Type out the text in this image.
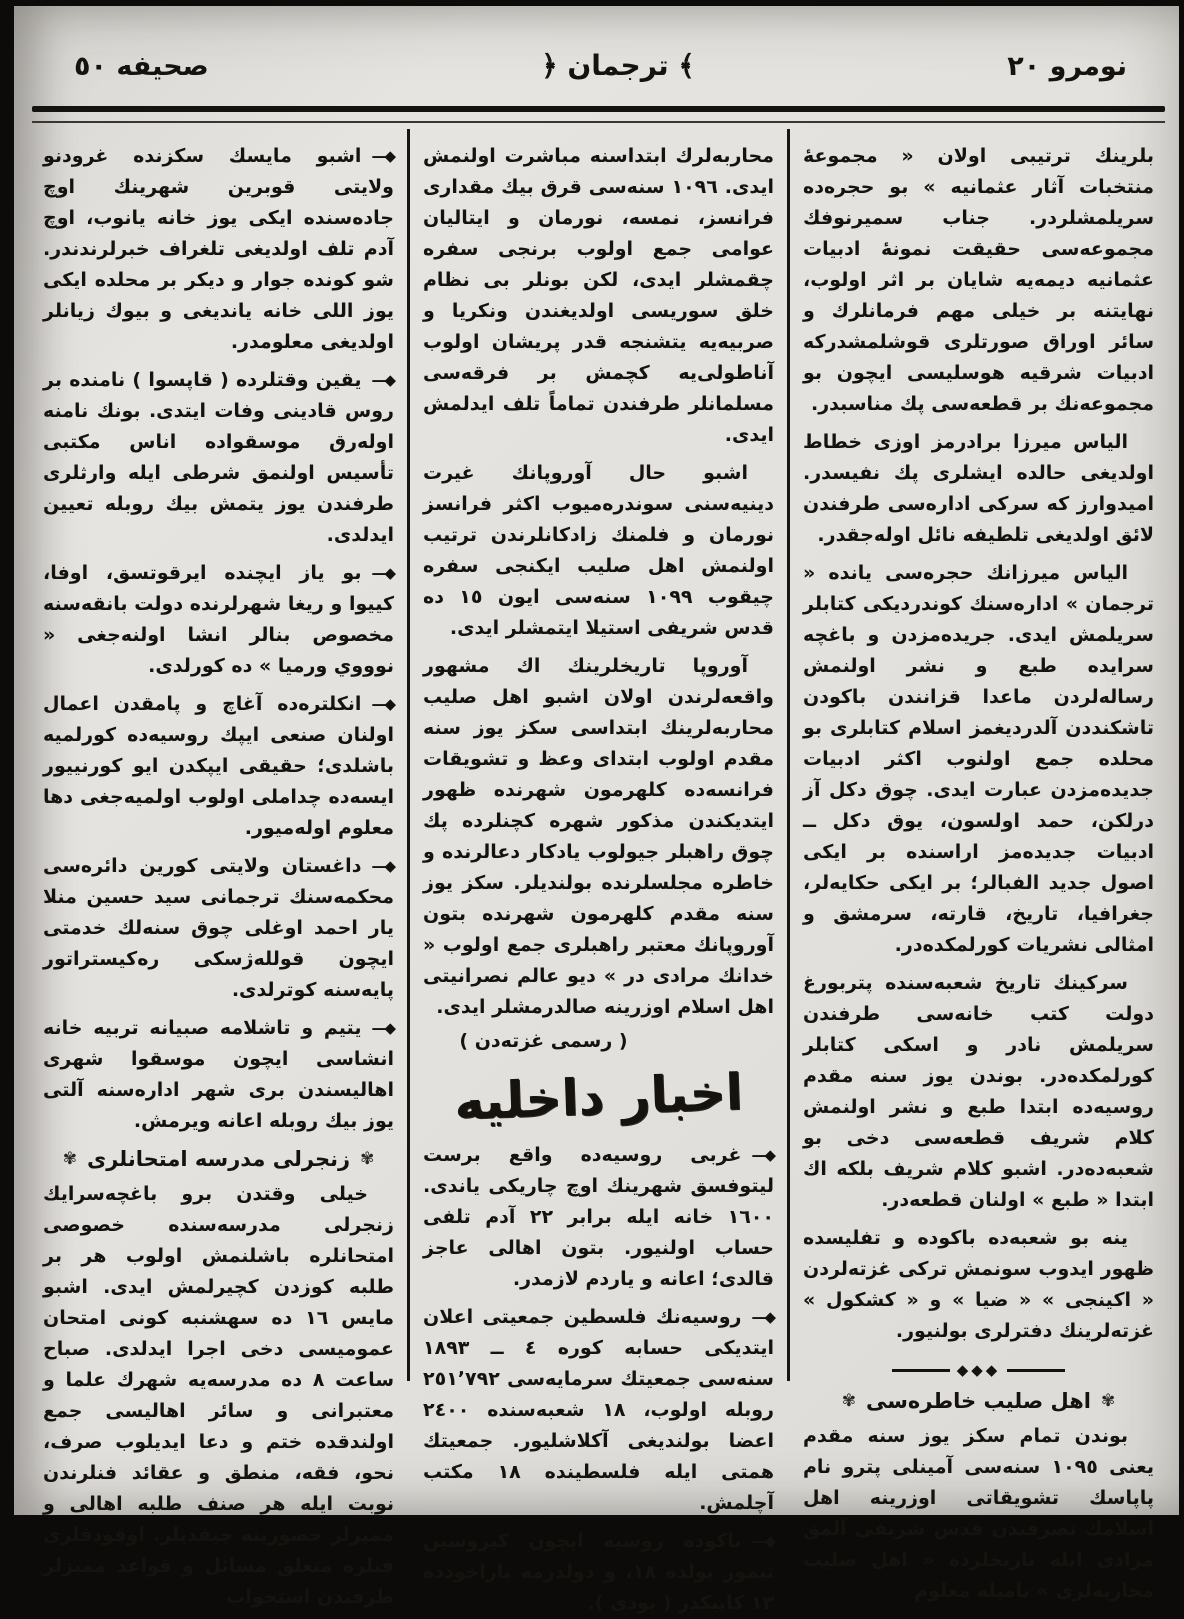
نومرو ٢٠
﴾ ترجمان ﴿
صحيفه ٥٠

بلرينك ترتيبى اولان « مجموعهٔ منتخبات آثار عثمانيه » بو حجره‌ده سريلمشلردر. جناب سميرنوفك مجموعه‌سى حقيقت نمونهٔ ادبيات عثمانيه ديمه‌يه شايان بر اثر اولوب، نهايتنه بر خيلى مهم فرمانلرك و سائر اوراق صورتلرى قوشلمشدركه ادبيات شرقيه هوسليسى ايچون بو مجموعه‌نك بر قطعه‌سى پك مناسبدر.

الياس ميرزا برادرمز اوزى خطاط اولديغى حالده ايشلرى پك نفيسدر. اميدوارز كه سركى اداره‌سى طرفندن لائق اولديغى تلطيفه نائل اوله‌جقدر.

الياس ميرزانك حجره‌سى يانده « ترجمان » اداره‌سنك كوندرديكى كتابلر سريلمش ايدى. جريده‌مزدن و باغچه سرايده طبع و نشر اولنمش رساله‌لردن ماعدا قزانندن باكودن تاشكنددن آلدرديغمز اسلام كتابلرى بو محلده جمع اولنوب اكثر ادبيات جديده‌مزدن عبارت ايدى. چوق دكل آز درلكن، حمد اولسون، يوق دكل ــ ادبيات جديده‌مز اراسنده بر ايكى اصول جديد الفبالر؛ بر ايكى حكايه‌لر، جغرافيا، تاريخ، قارته، سرمشق و امثالى نشريات كورلمكده‌در.

سركينك تاريخ شعبه‌سنده پتربورغ دولت كتب خانه‌سى طرفندن سريلمش نادر و اسكى كتابلر كورلمكده‌در. بوندن يوز سنه مقدم روسيه‌ده ابتدا طبع و نشر اولنمش كلام شريف قطعه‌سى دخى بو شعبه‌ده‌در. اشبو كلام شريف بلكه اك ابتدا « طبع » اولنان قطعه‌در.

ينه بو شعبه‌ده باكوده و تفليسده ظهور ايدوب سونمش تركى غزته‌لردن « اكينجى » « ضيا » و « كشكول » غزته‌لرينك دفترلرى بولنيور.

◆◆◆
✾
اهل صليب خاطره‌سى
✾

بوندن تمام سكز يوز سنه مقدم يعنى ١٠٩٥ سنه‌سى آمينلى پترو نام پاپاسك تشويقاتى اوزرينه اهل اسلامك تصرفندن قدس شريفى آلمق مرادى ايله تاريخلرده « اهل صليب محاربه‌لرى » ناميله معلوم

محاربه‌لرك ابتداسنه مباشرت اولنمش ايدى. ١٠٩٦ سنه‌سى قرق بيك مقدارى فرانسز، نمسه، نورمان و ايتاليان عوامى جمع اولوب برنجى سفره چقمشلر ايدى، لكن بونلر بى نظام خلق سوريسى اولديغندن ونكريا و صربيه‌يه يتشنجه قدر پريشان اولوب آناطولى‌يه كچمش بر فرقه‌سى مسلمانلر طرفندن تماماً تلف ايدلمش ايدى.

اشبو حال آوروپانك غيرت دينيه‌سنى سوندره‌ميوب اكثر فرانسز نورمان و فلمنك زادكانلرندن ترتيب اولنمش اهل صليب ايكنجى سفره چيقوب ١٠٩٩ سنه‌سى ايون ١٥ ده قدس شريفى استيلا ايتمشلر ايدى.

آوروپا تاريخلرينك اك مشهور واقعه‌لرندن اولان اشبو اهل صليب محاربه‌لرينك ابتداسى سكز يوز سنه مقدم اولوب ابتداى وعظ و تشويقات فرانسه‌ده كلهرمون شهرنده ظهور ايتديكندن مذكور شهره كچنلرده پك چوق راهبلر جيولوب يادكار دعالرنده و خاطره مجلسلرنده بولنديلر. سكز يوز سنه مقدم كلهرمون شهرنده بتون آوروپانك معتبر راهبلرى جمع اولوب « خدانك مرادى در » ديو عالم نصرانيتى اهل اسلام اوزرينه صالدرمشلر ايدى.

( رسمى غزته‌دن )
اخبار داخليه

—◆غربى روسيه‌ده واقع برست ليتوفسق شهرينك اوچ چاريكى ياندى. ١٦٠٠ خانه ايله برابر ٢٢ آدم تلفى حساب اولنيور. بتون اهالى عاجز قالدى؛ اعانه و ياردم لازمدر.

—◆روسيه‌نك فلسطين جمعيتى اعلان ايتديكى حسابه كوره ٤ ــ ١٨٩٣ سنه‌سى جمعيتك سرمايه‌سى ٢٥١٬٧٩٢ روبله اولوب، ١٨ شعبه‌سنده ٢٤٠٠ اعضا بولنديغى آكلاشليور. جمعيتك همتى ايله فلسطينده ١٨ مكتب آچلمش.

—◆باكوده روسيه ايچون كيروسين تيمور يولده ١٨، و دولدرمه پاراخودده ١٣ كاپيكدر ( پودى ).

—◆اشبو مايسك سكزنده غرودنو ولايتى قوبرين شهرينك اوچ جاده‌سنده ايكى يوز خانه يانوب، اوچ آدم تلف اولديغى تلغراف خبرلرندندر. شو كونده جوار و ديكر بر محلده ايكى يوز اللى خانه يانديغى و بيوك زيانلر اولديغى معلومدر.

—◆يقين وقتلرده ( قاپسوا ) نامنده بر روس قادينى وفات ايتدى. بونك نامنه اوله‌رق موسقواده اناس مكتبى تأسيس اولنمق شرطى ايله وارثلرى طرفندن يوز يتمش بيك روبله تعيين ايدلدى.

—◆بو ياز ايچنده ايرقوتسق، اوفا، كييوا و ريغا شهرلرنده دولت بانقه‌سنه مخصوص بنالر انشا اولنه‌جغى « نوووي ورميا » ده كورلدى.

—◆انكلتره‌ده آغاچ و پامقدن اعمال اولنان صنعى ايپك روسيه‌ده كورلميه باشلدى؛ حقيقى ايپكدن ايو كورنييور ايسه‌ده چداملى اولوب اولميه‌جغى دها معلوم اوله‌ميور.

—◆داغستان ولايتى كورين دائره‌سى محكمه‌سنك ترجمانى سيد حسين منلا يار احمد اوغلى چوق سنه‌لك خدمتى ايچون قولله‌ژسكى ره‌كيستراتور پايه‌سنه كوترلدى.

—◆يتيم و تاشلامه صبيانه تربيه خانه انشاسى ايچون موسقوا شهرى اهاليسندن برى شهر اداره‌سنه آلتى يوز بيك روبله اعانه ويرمش.

✾
زنجرلى مدرسه امتحانلرى
✾

خيلى وقتدن برو باغچه‌سرايك زنجرلى مدرسه‌سنده خصوصى امتحانلره باشلنمش اولوب هر بر طلبه كوزدن كچيرلمش ايدى. اشبو مايس ١٦ ده سهشنبه كونى امتحان عموميسى دخى اجرا ايدلدى. صباح ساعت ٨ ده مدرسه‌يه شهرك علما و معتبرانى و سائر اهاليسى جمع اولندقده ختم و دعا ايديلوب صرف، نحو، فقه، منطق و عقائد فنلرندن نوبت ايله هر صنف طلبه اهالى و مميزلر حضورينه چيقديلر. اوقودقلرى فنلره متعلق مسائل و قواعد مميزلر طرفندن استجواب
